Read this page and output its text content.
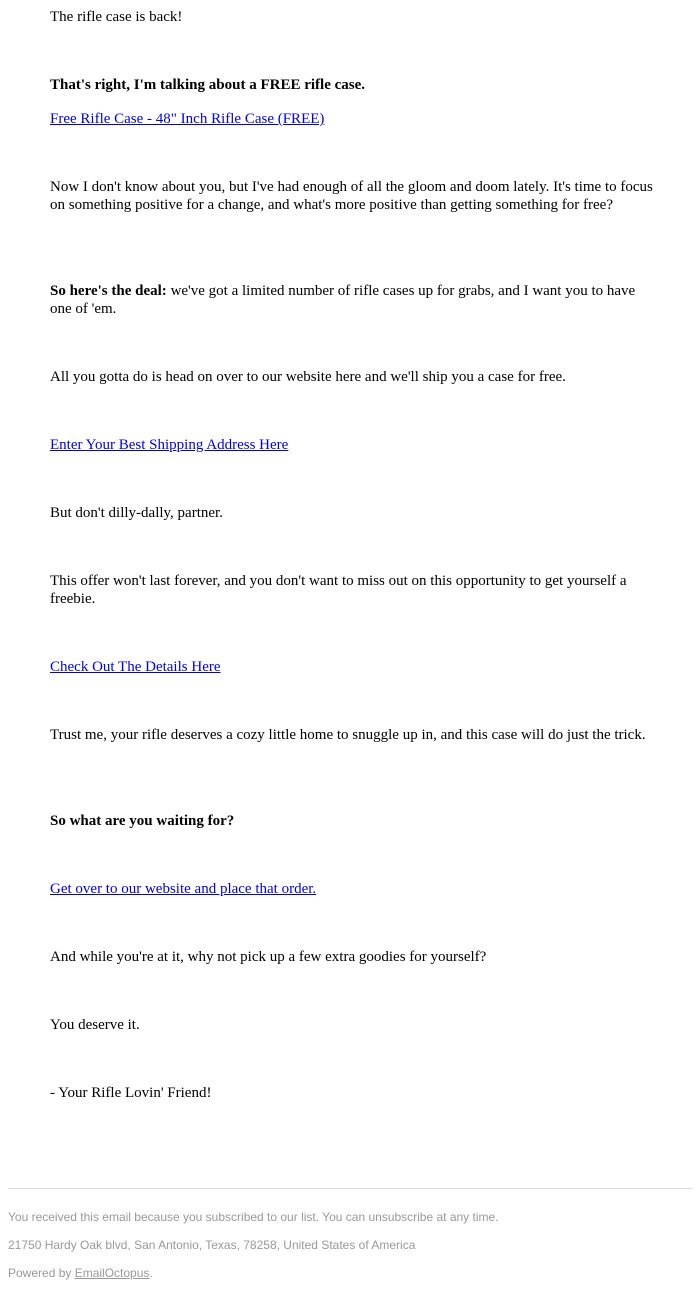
The rifle case is back!

That's right, I'm talking about a FREE rifle case.

Free Rifle Case - 48" Inch Rifle Case (FREE)

Now I don't know about you, but I've had enough of all the gloom and doom lately. It's time to focus on something positive for a change, and what's more positive than getting something for free?

So here's the deal: we've got a limited number of rifle cases up for grabs, and I want you to have one of 'em.

All you gotta do is head on over to our website here and we'll ship you a case for free.

Enter Your Best Shipping Address Here

But don't dilly-dally, partner.

This offer won't last forever, and you don't want to miss out on this opportunity to get yourself a freebie.

Check Out The Details Here

Trust me, your rifle deserves a cozy little home to snuggle up in, and this case will do just the trick.

So what are you waiting for?

Get over to our website and place that order.

And while you're at it, why not pick up a few extra goodies for yourself?

You deserve it.

- Your Rifle Lovin' Friend!

You received this email because you subscribed to our list. You can unsubscribe at any time.

21750 Hardy Oak blvd, San Antonio, Texas, 78258, United States of America

Powered by EmailOctopus.
